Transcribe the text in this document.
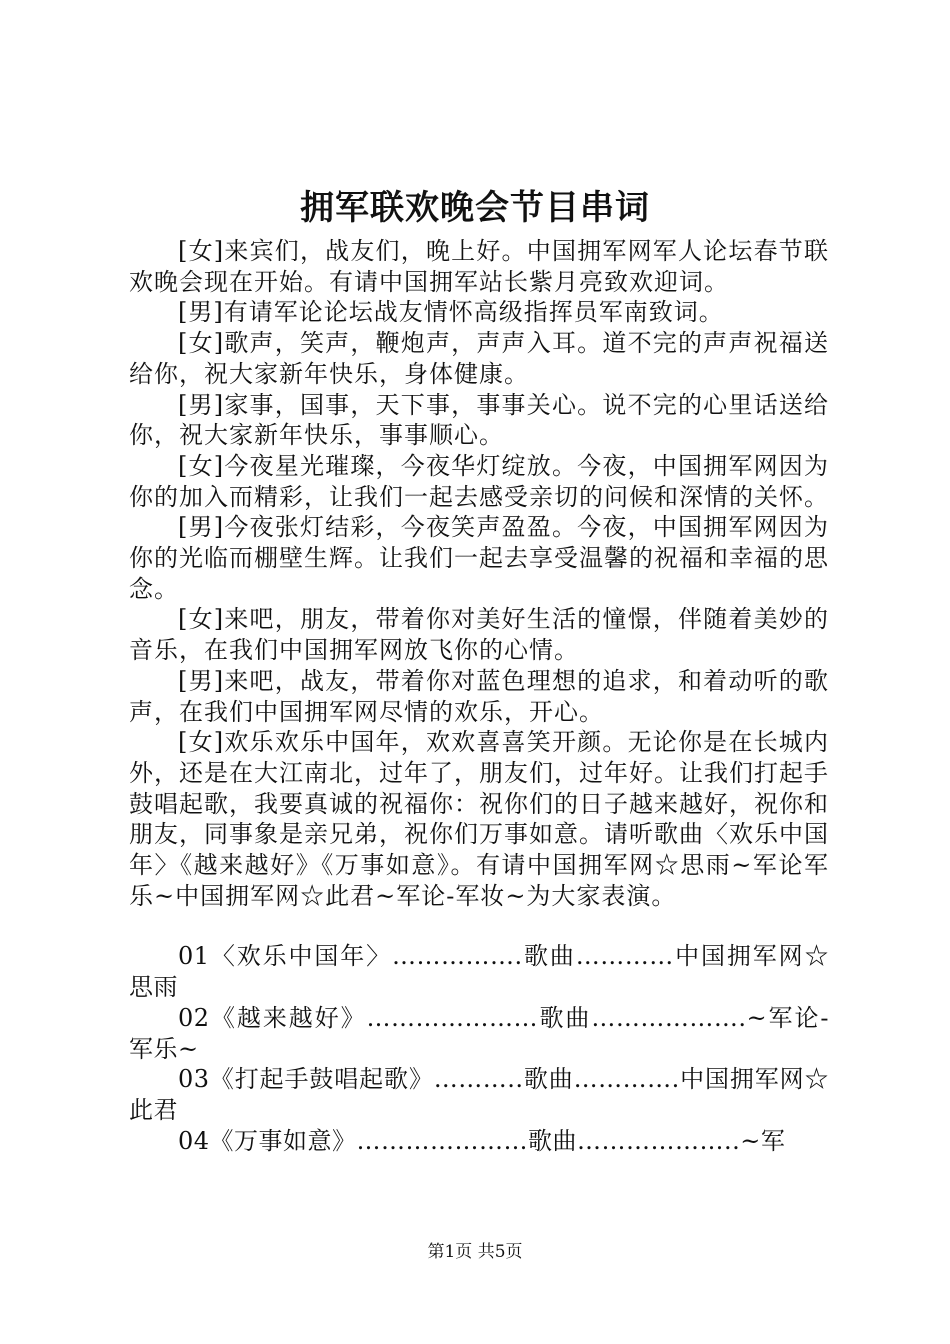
拥军联欢晚会节目串词

[女]来宾们，战友们，晚上好。中国拥军网军人论坛春节联欢晚会现在开始。有请中国拥军站长紫月亮致欢迎词。

[男]有请军论论坛战友情怀高级指挥员军南致词。

[女]歌声，笑声，鞭炮声，声声入耳。道不完的声声祝福送给你，祝大家新年快乐，身体健康。

[男]家事，国事，天下事，事事关心。说不完的心里话送给你，祝大家新年快乐，事事顺心。

[女]今夜星光璀璨，今夜华灯绽放。今夜，中国拥军网因为你的加入而精彩，让我们一起去感受亲切的问候和深情的关怀。

[男]今夜张灯结彩，今夜笑声盈盈。今夜，中国拥军网因为你的光临而棚壁生辉。让我们一起去享受温馨的祝福和幸福的思念。

[女]来吧，朋友，带着你对美好生活的憧憬，伴随着美妙的音乐，在我们中国拥军网放飞你的心情。

[男]来吧，战友，带着你对蓝色理想的追求，和着动听的歌声，在我们中国拥军网尽情的欢乐，开心。

[女]欢乐欢乐中国年，欢欢喜喜笑开颜。无论你是在长城内外，还是在大江南北，过年了，朋友们，过年好。让我们打起手鼓唱起歌，我要真诚的祝福你：祝你们的日子越来越好，祝你和朋友，同事象是亲兄弟，祝你们万事如意。请听歌曲〈欢乐中国年〉《越来越好》《万事如意》。有请中国拥军网☆思雨~军论军乐~中国拥军网☆此君~军论-军妆~为大家表演。

01〈欢乐中国年〉…………….歌曲…………中国拥军网☆思雨

02《越来越好》…………………歌曲……………….~军论-军乐~

03《打起手鼓唱起歌》………..歌曲………….中国拥军网☆此君

04《万事如意》…………………歌曲………………..~军

第1页 共5页
